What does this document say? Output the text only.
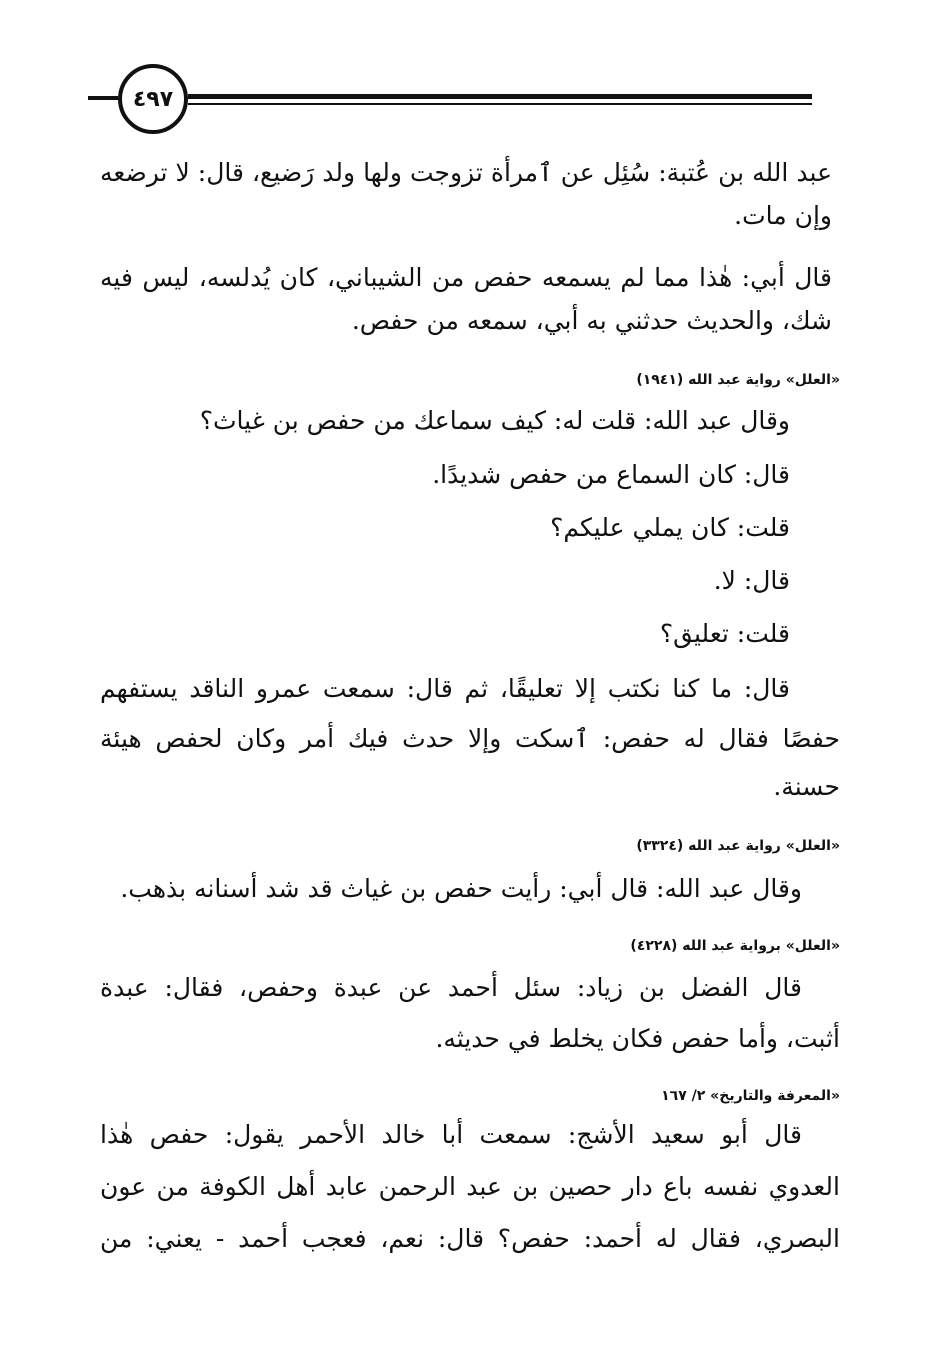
٤٩٧
عبد الله بن عُتبة: سُئِل عن ٱمرأة تزوجت ولها ولد رَضيع، قال: لا ترضعه
وإن مات.
قال أبي: هٰذا مما لم يسمعه حفص من الشيباني، كان يُدلسه، ليس فيه
شك، والحديث حدثني به أبي، سمعه من حفص.
«العلل» رواية عبد الله (١٩٤١)
وقال عبد الله: قلت له: كيف سماعك من حفص بن غياث؟
قال: كان السماع من حفص شديدًا.
قلت: كان يملي عليكم؟
قال: لا.
قلت: تعليق؟
قال: ما كنا نكتب إلا تعليقًا، ثم قال: سمعت عمرو الناقد يستفهم
حفصًا فقال له حفص: ٱسكت وإلا حدث فيك أمر وكان لحفص هيئة
حسنة.
«العلل» رواية عبد الله (٣٣٢٤)
وقال عبد الله: قال أبي: رأيت حفص بن غياث قد شد أسنانه بذهب.
«العلل» برواية عبد الله (٤٢٢٨)
قال الفضل بن زياد: سئل أحمد عن عبدة وحفص، فقال: عبدة
أثبت، وأما حفص فكان يخلط في حديثه.
«المعرفة والتاريخ» ٢/ ١٦٧
قال أبو سعيد الأشج: سمعت أبا خالد الأحمر يقول: حفص هٰذا
العدوي نفسه باع دار حصين بن عبد الرحمن عابد أهل الكوفة من عون
البصري، فقال له أحمد: حفص؟ قال: نعم، فعجب أحمد - يعني: من
